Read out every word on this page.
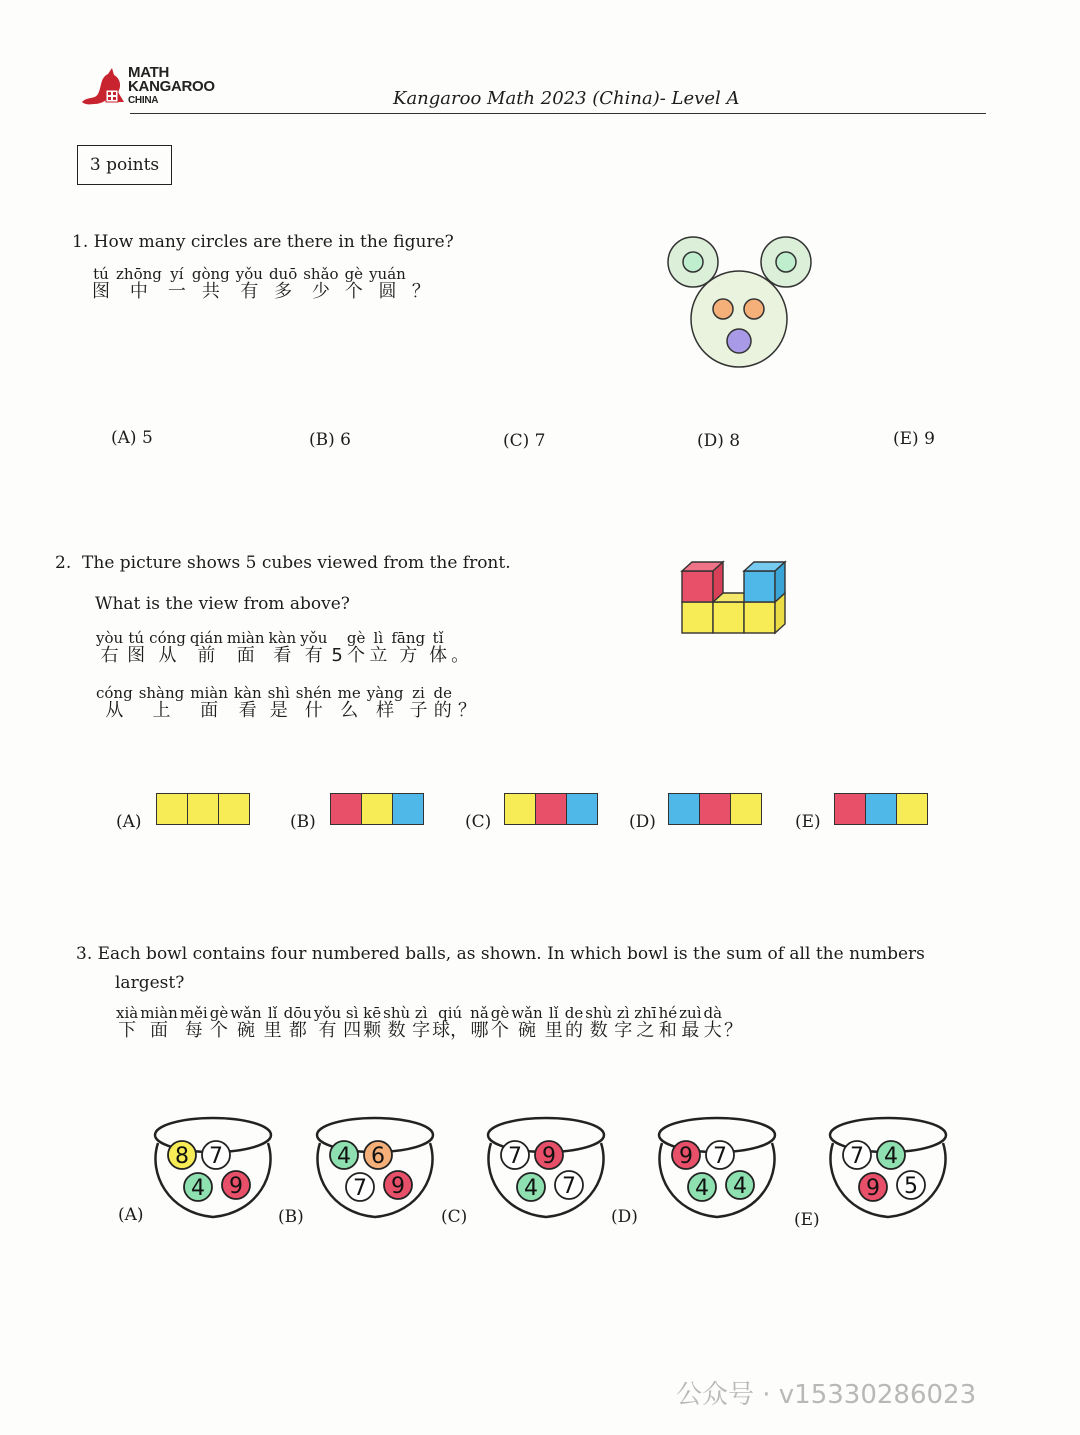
MATH
KANGAROO
CHINA	Kangaroo Math 2023 (China)- Level A
3 points
1. How many circles are there in the figure?
tú
图
zhōng
中
yí
一
gòng
共
yǒu
有
duō
多
shǎo
少
gè
个
yuán
圆 ？
(A) 5	(B) 6	(C) 7	(D) 8	(E) 9
2. The picture shows 5 cubes viewed from the front.
What is the view from above?
yòu
右
tú
图
cóng
从
qián
前
miàn
面
kàn
看
yǒu
有 5
gè
个
lì
立
fāng
方
tǐ
体 。
cóng
从
shàng
上
miàn
面
kàn
看
shì
是
shén
什
me
么
yàng
样
zi
子
de
的 ？
(A)	(B)	(C)	(D)	(E)
3. Each bowl contains four numbered balls, as shown. In which bowl is the sum of all the numbers
largest?
xià
下
miàn
面
měi
每
gè
个
wǎn
碗
lǐ
里
dōu
都
yǒu
有
sì
四
kē
颗
shù
数
zì
字
qiú
球，
nǎ
哪
gè
个
wǎn
碗
lǐ
里
de
的
shù
数
zì
字
zhī
之
hé
和
zuì
最
dà
大 ？
(A)
8 7
4 9
(B)
4 6
7 9
(C)
7 9
4 7
(D)
9 7
4 4
(E)
7 4
9 5
公众号 · v15330286023
